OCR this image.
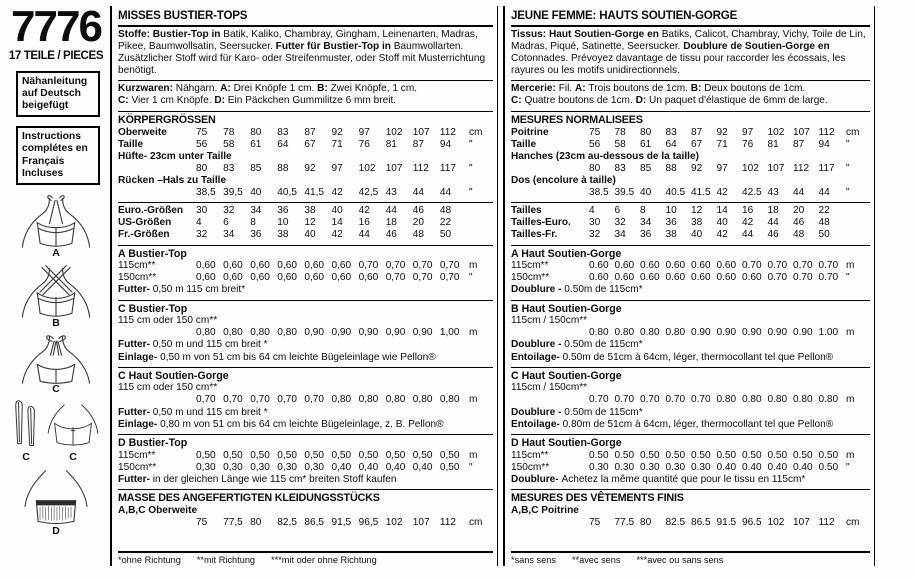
7776
17 TEILE / PIECES
Nähanleitung auf Deutsch beigefügt
Instructions complétes en Français Incluses
A
B
C
C	C
D
MISSES BUSTIER-TOPS

Stoffe: Bustier-Top in Batik, Kaliko, Chambray, Gingham, Leinenarten, Madras, Pikee, Baumwollsatin, Seersucker. Futter für Bustier-Top in Baumwollarten. Zusätzlicher Stoff wird für Karo- oder Streifenmuster, oder Stoff mit Musterrichtung benötigt.

Kurzwaren: Nähgarn. A: Drei Knöpfe 1 cm. B: Zwei Knöpfe, 1 cm.
C: Vier 1 cm Knöpfe. D: Ein Päckchen Gummilitze 6 mm breit.

KÖRPERGRÖSSEN
Oberweite	75	78	80	83	87	92	97	102	107	112	cm
Taille	56	58	61	64	67	71	76	81	87	94	"
Hüfte- 23cm unter Taille
80	83	85	88	92	97	102	107	112	117	"
Rücken –Hals zu Taille
38,5 39,5 40	40,5 41,5 42	42,5 43	44	44	"
Euro.-Größen	30	32	34	36	38	40	42	44	46	48
US-Größen	4	6	8	10	12	14	16	18	20	22
Fr.-Größen	32	34	36	38	40	42	44	46	48	50
A Bustier-Top
115cm**	0,60 0,60 0,60 0,60 0,60 0,60 0,70 0,70 0,70 0,70 m
150cm**	0,60 0,60 0,60 0,60 0,60 0,60 0,60 0,70 0,70 0,70 "
Futter- 0,50 m 115 cm breit*
C Bustier-Top
115 cm oder 150 cm**
0,80 0,80 0,80 0,80 0,90 0,90 0,90 0,90 0,90 1,00 m
Futter- 0,50 m und 115 cm breit *
Einlage- 0,50 m von 51 cm bis 64 cm leichte Bügeleinlage wie Pellon®
C Haut Soutien-Gorge
115 cm oder 150 cm**
0,70 0,70 0,70 0,70 0,70 0,80 0,80 0,80 0,80 0,80 m
Futter- 0,50 m und 115 cm breit *
Einlage- 0,80 m von 51 cm bis 64 cm leichte Bügeleinlage, z. B. Pellon®
D Bustier-Top
115cm**	0,50 0,50 0,50 0,50 0,50 0,50 0,50 0,50 0,50 0,50 m
150cm**	0,30 0,30 0,30 0,30 0,30 0,40 0,40 0,40 0,40 0,50 "
Futter- in der gleichen Länge wie 115 cm* breiten Stoff kaufen
MASSE DES ANGEFERTIGTEN KLEIDUNGSSTÜCKS
A,B,C Oberweite
75	77,5 80	82,5 86,5 91,5 96,5 102	107	112	cm
*ohne Richtung **mit Richtung ***mit oder ohne Richtung
JEUNE FEMME: HAUTS SOUTIEN-GORGE

Tissus: Haut Soutien-Gorge en Batiks, Calicot, Chambray, Vichy, Toile de Lin, Madras, Piqué, Satinette, Seersucker. Doublure de Soutien-Gorge en Cotonnades. Prévoyez davantage de tissu pour raccorder les écossais, les rayures ou les motifs unidirectionnels.

Mercerie: Fil. A: Trois boutons de 1cm. B: Deux boutons de 1cm.
C: Quatre boutons de 1cm. D: Un paquet d'élastique de 6mm de large.

MESURES NORMALISEES
Poitrine	75	78	80	83	87	92	97	102 107 112	cm
Taille	56	58	61	64	67	71	76	81	87	94	"
Hanches (23cm au-dessous de la taille)
80	83	85	88	92	97	102 107 112 117	"
Dos (encolure à taille)
38.5 39.5 40	40.5 41.5 42	42.5 43	44	44	"
Tailles	4	6	8	10	12	14	16	18	20	22
Tailles-Euro.	30	32	34	36	38	40	42	44	46	48
Tailles-Fr.	32	34	36	38	40	42	44	46	48	50
A Haut Soutien-Gorge
115cm**	0.60 0.60 0.60 0.60 0.60 0.60 0.70 0.70 0.70 0.70 m
150cm**	0.60 0.60 0.60 0.60 0.60 0.60 0.60 0.70 0.70 0.70 "
Doublure - 0.50m de 115cm*
B Haut Soutien-Gorge
115cm / 150cm**
0.80 0.80 0.80 0.80 0.90 0.90 0.90 0.90 0.90 1.00 m
Doublure - 0.50m de 115cm*
Entoilage- 0.50m de 51cm à 64cm, léger, thermocollant tel que Pellon®
C Haut Soutien-Gorge
115cm / 150cm**
0.70 0.70 0.70 0.70 0.70 0.80 0.80 0.80 0.80 0.80 m
Doublure - 0.50m de 115cm*
Entoilage- 0.80m de 51cm à 64cm, léger, thermocollant tel que Pellon®
D Haut Soutien-Gorge
115cm**	0.50 0.50 0.50 0.50 0.50 0.50 0.50 0.50 0.50 0.50 m
150cm**	0.30 0.30 0.30 0.30 0.30 0.40 0.40 0.40 0.40 0.50 "
Doublure- Achetez la même quantité que pour le tissu en 115cm*
MESURES DES VÊTEMENTS FINIS
A,B,C Poitrine
75	77.5 80	82.5 86.5 91.5 96.5 102 107 112	cm
*sans sens **avec sens ***avec ou sans sens
